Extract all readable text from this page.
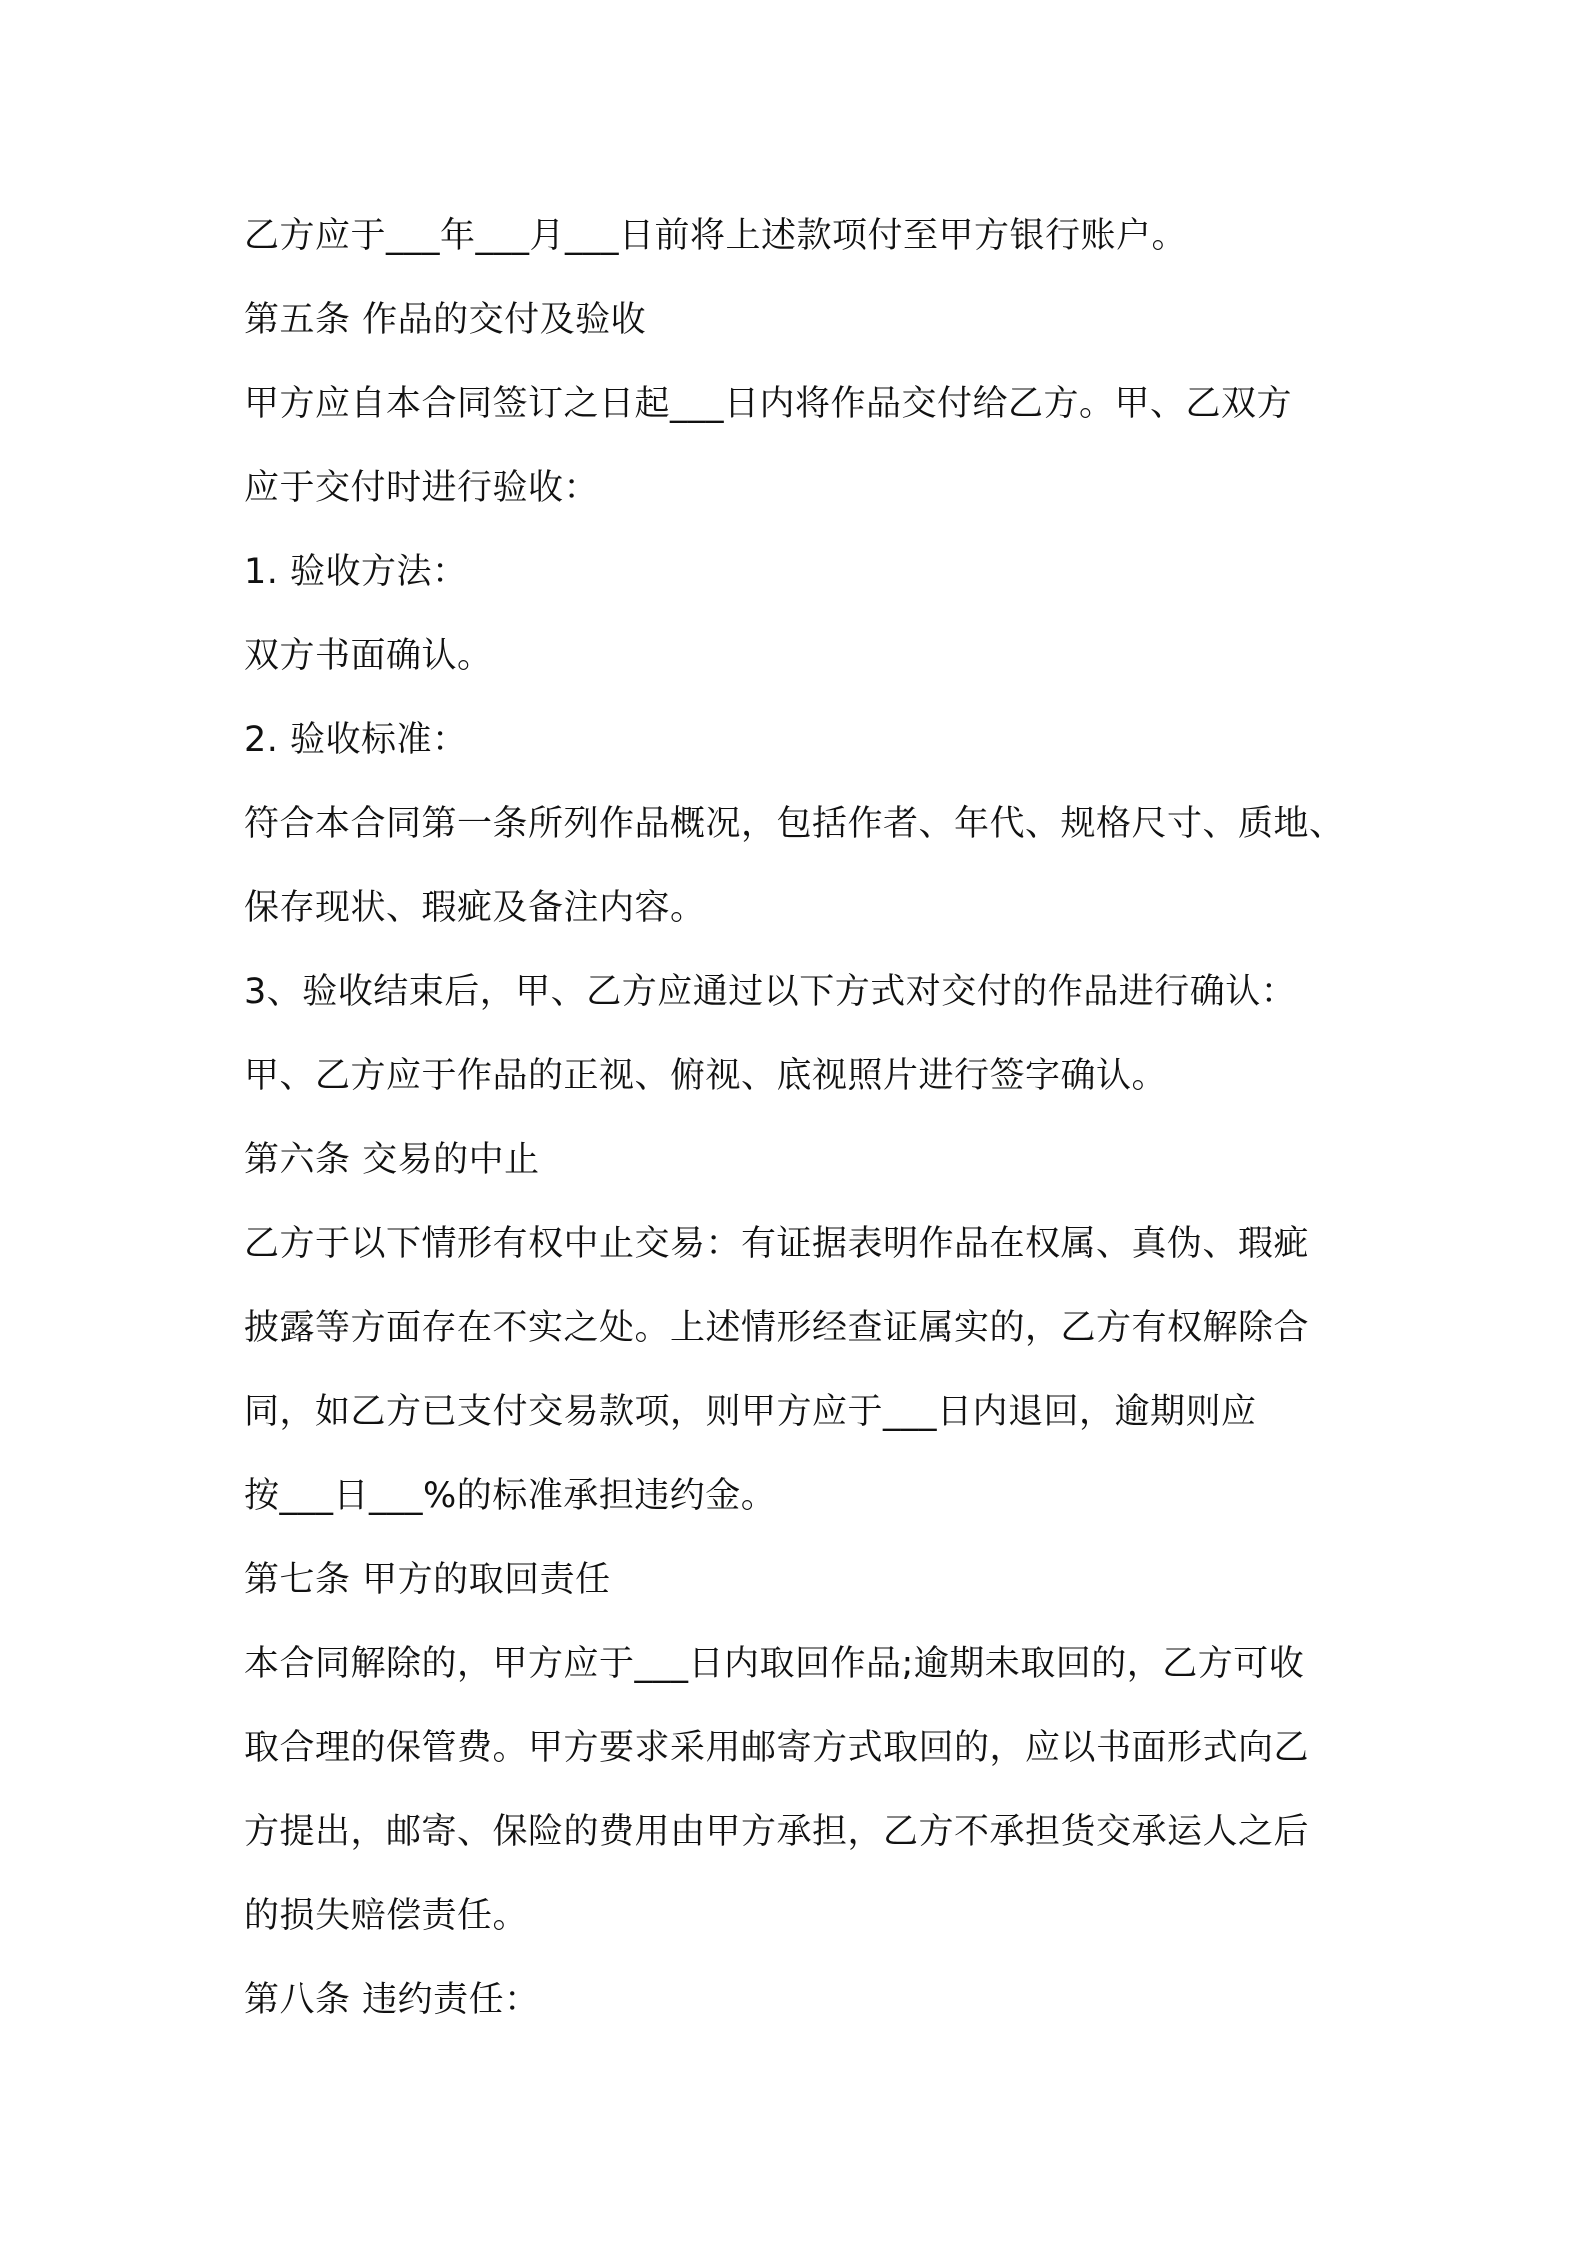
乙方应于___年___月___日前将上述款项付至甲方银行账户。
第五条 作品的交付及验收
甲方应自本合同签订之日起___日内将作品交付给乙方。甲、乙双方
应于交付时进行验收：
1. 验收方法：
双方书面确认。
2. 验收标准：
符合本合同第一条所列作品概况，包括作者、年代、规格尺寸、质地、
保存现状、瑕疵及备注内容。
3、验收结束后，甲、乙方应通过以下方式对交付的作品进行确认：
甲、乙方应于作品的正视、俯视、底视照片进行签字确认。
第六条 交易的中止
乙方于以下情形有权中止交易：有证据表明作品在权属、真伪、瑕疵
披露等方面存在不实之处。上述情形经查证属实的，乙方有权解除合
同，如乙方已支付交易款项，则甲方应于___日内退回，逾期则应
按___日___%的标准承担违约金。
第七条 甲方的取回责任
本合同解除的，甲方应于___日内取回作品;逾期未取回的，乙方可收
取合理的保管费。甲方要求采用邮寄方式取回的，应以书面形式向乙
方提出，邮寄、保险的费用由甲方承担，乙方不承担货交承运人之后
的损失赔偿责任。
第八条 违约责任：
